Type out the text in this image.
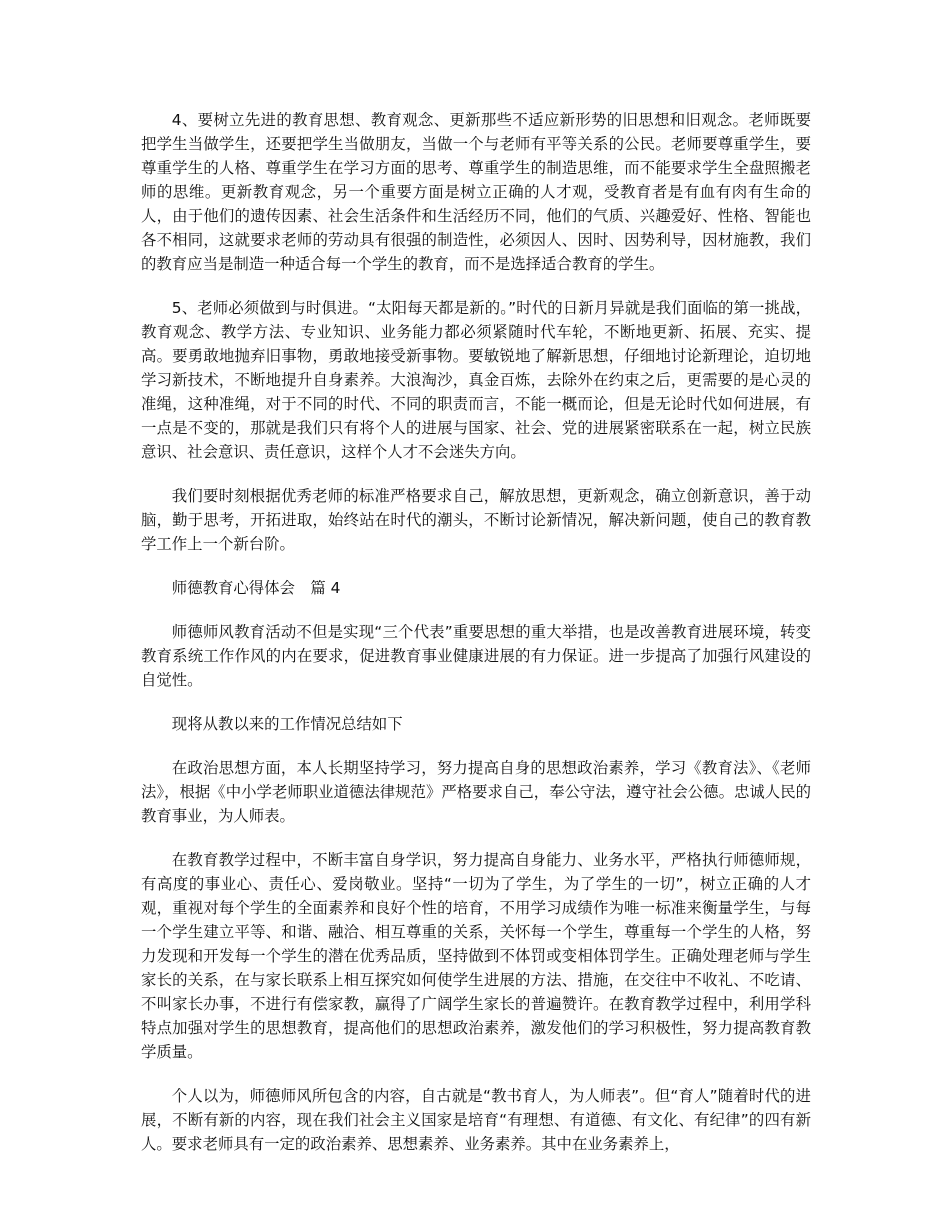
4、要树立先进的教育思想、教育观念、更新那些不适应新形势的旧思想和旧观念。老师既要把学生当做学生，还要把学生当做朋友，当做一个与老师有平等关系的公民。老师要尊重学生，要尊重学生的人格、尊重学生在学习方面的思考、尊重学生的制造思维，而不能要求学生全盘照搬老师的思维。更新教育观念，另一个重要方面是树立正确的人才观，受教育者是有血有肉有生命的人，由于他们的遗传因素、社会生活条件和生活经历不同，他们的气质、兴趣爱好、性格、智能也各不相同，这就要求老师的劳动具有很强的制造性，必须因人、因时、因势利导，因材施教，我们的教育应当是制造一种适合每一个学生的教育，而不是选择适合教育的学生。

5、老师必须做到与时俱进。“太阳每天都是新的。”时代的日新月异就是我们面临的第一挑战，教育观念、教学方法、专业知识、业务能力都必须紧随时代车轮，不断地更新、拓展、充实、提高。要勇敢地抛弃旧事物，勇敢地接受新事物。要敏锐地了解新思想，仔细地讨论新理论，迫切地学习新技术，不断地提升自身素养。大浪淘沙，真金百炼，去除外在约束之后，更需要的是心灵的准绳，这种准绳，对于不同的时代、不同的职责而言，不能一概而论，但是无论时代如何进展，有一点是不变的，那就是我们只有将个人的进展与国家、社会、党的进展紧密联系在一起，树立民族意识、社会意识、责任意识，这样个人才不会迷失方向。

我们要时刻根据优秀老师的标准严格要求自己，解放思想，更新观念，确立创新意识，善于动脑，勤于思考，开拓进取，始终站在时代的潮头，不断讨论新情况，解决新问题，使自己的教育教学工作上一个新台阶。

师德教育心得体会　篇 4

师德师风教育活动不但是实现“三个代表”重要思想的重大举措，也是改善教育进展环境，转变教育系统工作作风的内在要求，促进教育事业健康进展的有力保证。进一步提高了加强行风建设的自觉性。

现将从教以来的工作情况总结如下

在政治思想方面，本人长期坚持学习，努力提高自身的思想政治素养，学习《教育法》、《老师法》，根据《中小学老师职业道德法律规范》严格要求自己，奉公守法，遵守社会公德。忠诚人民的教育事业，为人师表。

在教育教学过程中，不断丰富自身学识，努力提高自身能力、业务水平，严格执行师德师规，有高度的事业心、责任心、爱岗敬业。坚持“一切为了学生，为了学生的一切”，树立正确的人才观，重视对每个学生的全面素养和良好个性的培育，不用学习成绩作为唯一标准来衡量学生，与每一个学生建立平等、和谐、融洽、相互尊重的关系，关怀每一个学生，尊重每一个学生的人格，努力发现和开发每一个学生的潜在优秀品质，坚持做到不体罚或变相体罚学生。正确处理老师与学生家长的关系，在与家长联系上相互探究如何使学生进展的方法、措施，在交往中不收礼、不吃请、不叫家长办事，不进行有偿家教，赢得了广阔学生家长的普遍赞许。在教育教学过程中，利用学科特点加强对学生的思想教育，提高他们的思想政治素养，激发他们的学习积极性，努力提高教育教学质量。

个人以为，师德师风所包含的内容，自古就是“教书育人，为人师表”。但“育人”随着时代的进展，不断有新的内容，现在我们社会主义国家是培育“有理想、有道德、有文化、有纪律”的四有新人。要求老师具有一定的政治素养、思想素养、业务素养。其中在业务素养上，
